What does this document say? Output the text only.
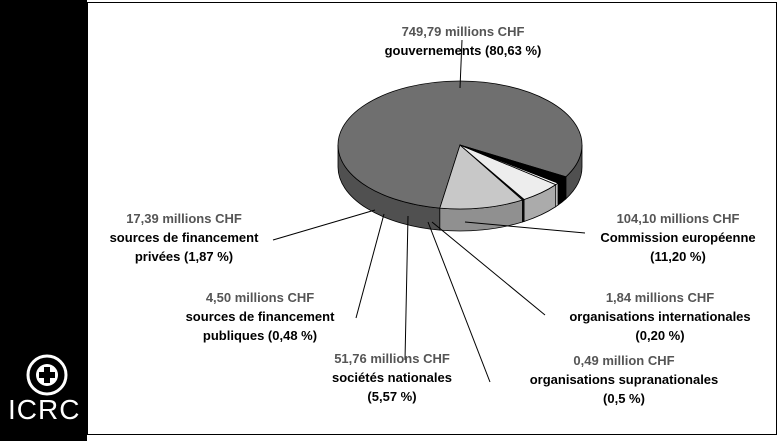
ICRC
749,79 millions CHF gouvernements (80,63 %)
104,10 millions CHF Commission européenne (11,20 %)
1,84 millions CHF organisations internationales (0,20 %)
0,49 million CHF organisations supranationales (0,5 %)
51,76 millions CHF sociétés nationales (5,57 %)
4,50 millions CHF sources de financement publiques (0,48 %)
17,39 millions CHF sources de financement privées (1,87 %)
